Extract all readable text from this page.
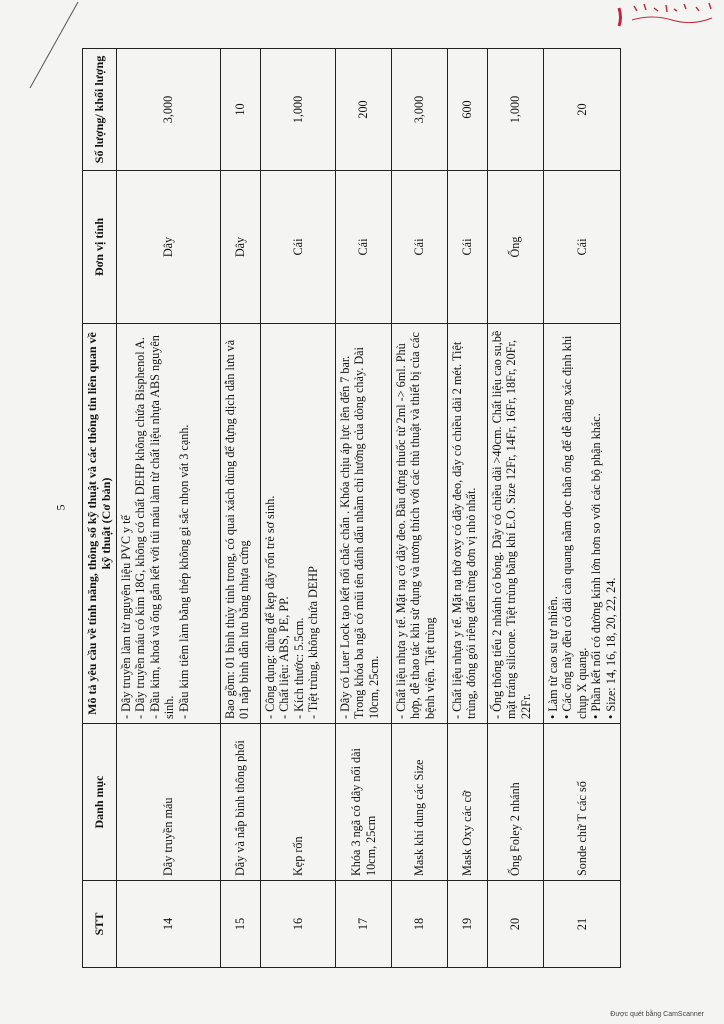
5
STT	Danh mục	Mô tả yêu cầu về tính năng, thông số kỹ thuật và các thông tin liên quan về kỹ thuật (Cơ bản)	Đơn vị tính	Số lượng/ khối lượng
14	Dây truyền máu	- Dây truyền làm từ nguyên liệu PVC y tế - Dây truyền máu có kim 18G, không có chất DEHP không chứa Bisphenol A. - Đầu kim, khoá và ống gắn kết với túi máu làm từ chất liệu nhựa ABS nguyên sinh. - Đầu kim tiêm làm bằng thép không gỉ sắc nhọn vát 3 cạnh.	Dây	3,000
15	Dây và nắp bình thông phổi	Bao gồm: 01 bình thủy tinh trong, có quai xách dùng để đựng dịch dẫn lưu và 01 nắp bình dẫn lưu bằng nhựa cứng	Dây	10
16	Kẹp rốn	- Công dụng: dùng để kẹp dây rốn trẻ sơ sinh. - Chất liệu: ABS, PE, PP. - Kích thước: 5.5cm. - Tiệt trùng, không chứa DEHP	Cái	1,000
17	Khóa 3 ngã có dây nối dài 10cm, 25cm	- Dây có Luer Lock tạo kết nối chắc chắn . Khóa chịu áp lực lên đến 7 bar. Trong khóa ba ngã có mũi tên đánh dấu nhằm chỉ hướng của dòng chảy. Dài 10cm, 25cm.	Cái	200
18	Mask khí dung các Size	- Chất liệu nhựa y tế. Mặt nạ có dây đeo. Bầu đựng thuốc từ 2ml -> 6ml. Phù hợp, dễ thao tác khi sử dụng và tương thích với các thủ thuật và thiết bị của các bệnh viện. Tiệt trùng	Cái	3,000
19	Mask Oxy các cỡ	- Chất liệu nhựa y tế. Mặt nạ thở oxy có dây đeo, dây có chiều dài 2 mét. Tiệt trùng, đóng gói riêng đến từng đơn vị nhỏ nhất.	Cái	600
20	Ống Foley 2 nhánh	- Ống thông tiểu 2 nhánh có bóng. Dây có chiều dài >40cm. Chất liệu cao su,bề mặt tráng silicone. Tiệt trùng bằng khí E.O. Size 12Fr, 14Fr, 16Fr, 18Fr, 20Fr, 22Fr.	Ống	1,000
21	Sonde chữ T các số	• Làm từ cao su tự nhiên. • Các ống này đều có dải cản quang nằm dọc thân ống để dễ dàng xác định khi chụp X quang. • Phần kết nối có đường kính lớn hơn so với các bộ phận khác. • Size: 14, 16, 18, 20, 22, 24.	Cái	20
Được quét bằng CamScanner
